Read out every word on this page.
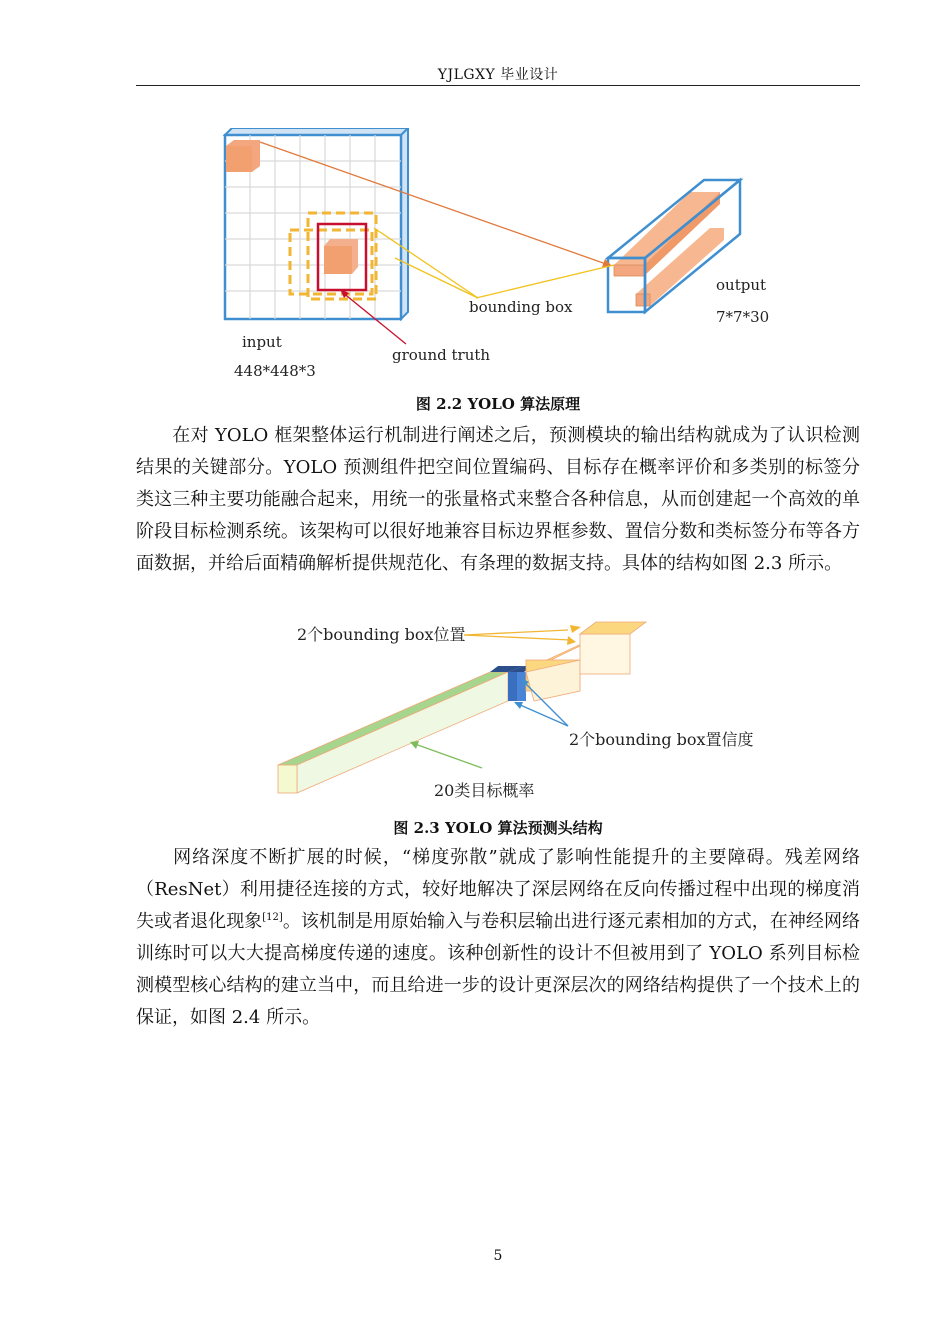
YJLGXY 毕业设计
input
448*448*3
bounding box
ground truth
output
7*7*30
图 2.2 YOLO 算法原理

在对 YOLO 框架整体运行机制进行阐述之后，预测模块的输出结构就成为了认识检测结果的关键部分。YOLO 预测组件把空间位置编码、目标存在概率评价和多类别的标签分类这三种主要功能融合起来，用统一的张量格式来整合各种信息，从而创建起一个高效的单阶段目标检测系统。该架构可以很好地兼容目标边界框参数、置信分数和类标签分布等各方面数据，并给后面精确解析提供规范化、有条理的数据支持。具体的结构如图 2.3 所示。

2个bounding box位置
2个bounding box置信度
20类目标概率
图 2.3 YOLO 算法预测头结构

网络深度不断扩展的时候，“梯度弥散”就成了影响性能提升的主要障碍。残差网络（ResNet）利用捷径连接的方式，较好地解决了深层网络在反向传播过程中出现的梯度消失或者退化现象[12]。该机制是用原始输入与卷积层输出进行逐元素相加的方式，在神经网络训练时可以大大提高梯度传递的速度。该种创新性的设计不但被用到了 YOLO 系列目标检测模型核心结构的建立当中，而且给进一步的设计更深层次的网络结构提供了一个技术上的保证，如图 2.4 所示。

5
